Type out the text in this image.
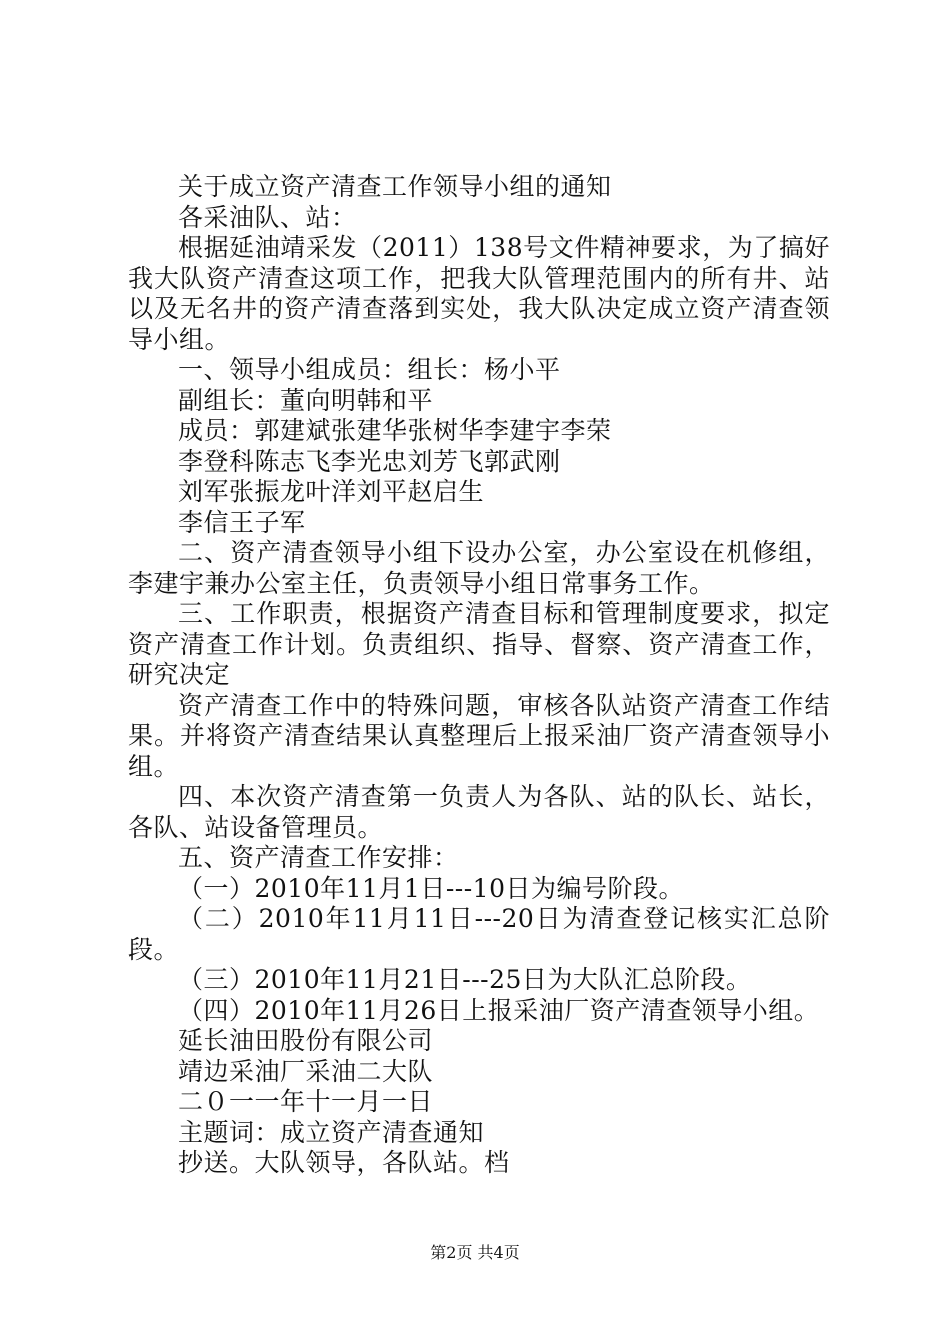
关于成立资产清查工作领导小组的通知

各采油队、站：

根据延油靖采发（2011）138号文件精神要求，为了搞好我大队资产清查这项工作，把我大队管理范围内的所有井、站以及无名井的资产清查落到实处，我大队决定成立资产清查领导小组。

一、领导小组成员：组长：杨小平

副组长：董向明韩和平

成员：郭建斌张建华张树华李建宇李荣

李登科陈志飞李光忠刘芳飞郭武刚

刘军张振龙叶洋刘平赵启生

李信王子军

二、资产清查领导小组下设办公室，办公室设在机修组，李建宇兼办公室主任，负责领导小组日常事务工作。

三、工作职责，根据资产清查目标和管理制度要求，拟定资产清查工作计划。负责组织、指导、督察、资产清查工作，研究决定

资产清查工作中的特殊问题，审核各队站资产清查工作结果。并将资产清查结果认真整理后上报采油厂资产清查领导小组。

四、本次资产清查第一负责人为各队、站的队长、站长，各队、站设备管理员。

五、资产清查工作安排：

（一）2010年11月1日---10日为编号阶段。

（二）2010年11月11日---20日为清查登记核实汇总阶段。

（三）2010年11月21日---25日为大队汇总阶段。

（四）2010年11月26日上报采油厂资产清查领导小组。

延长油田股份有限公司

靖边采油厂采油二大队

二０一一年十一月一日

主题词：成立资产清查通知

抄送。大队领导，各队站。档

第2页 共4页
